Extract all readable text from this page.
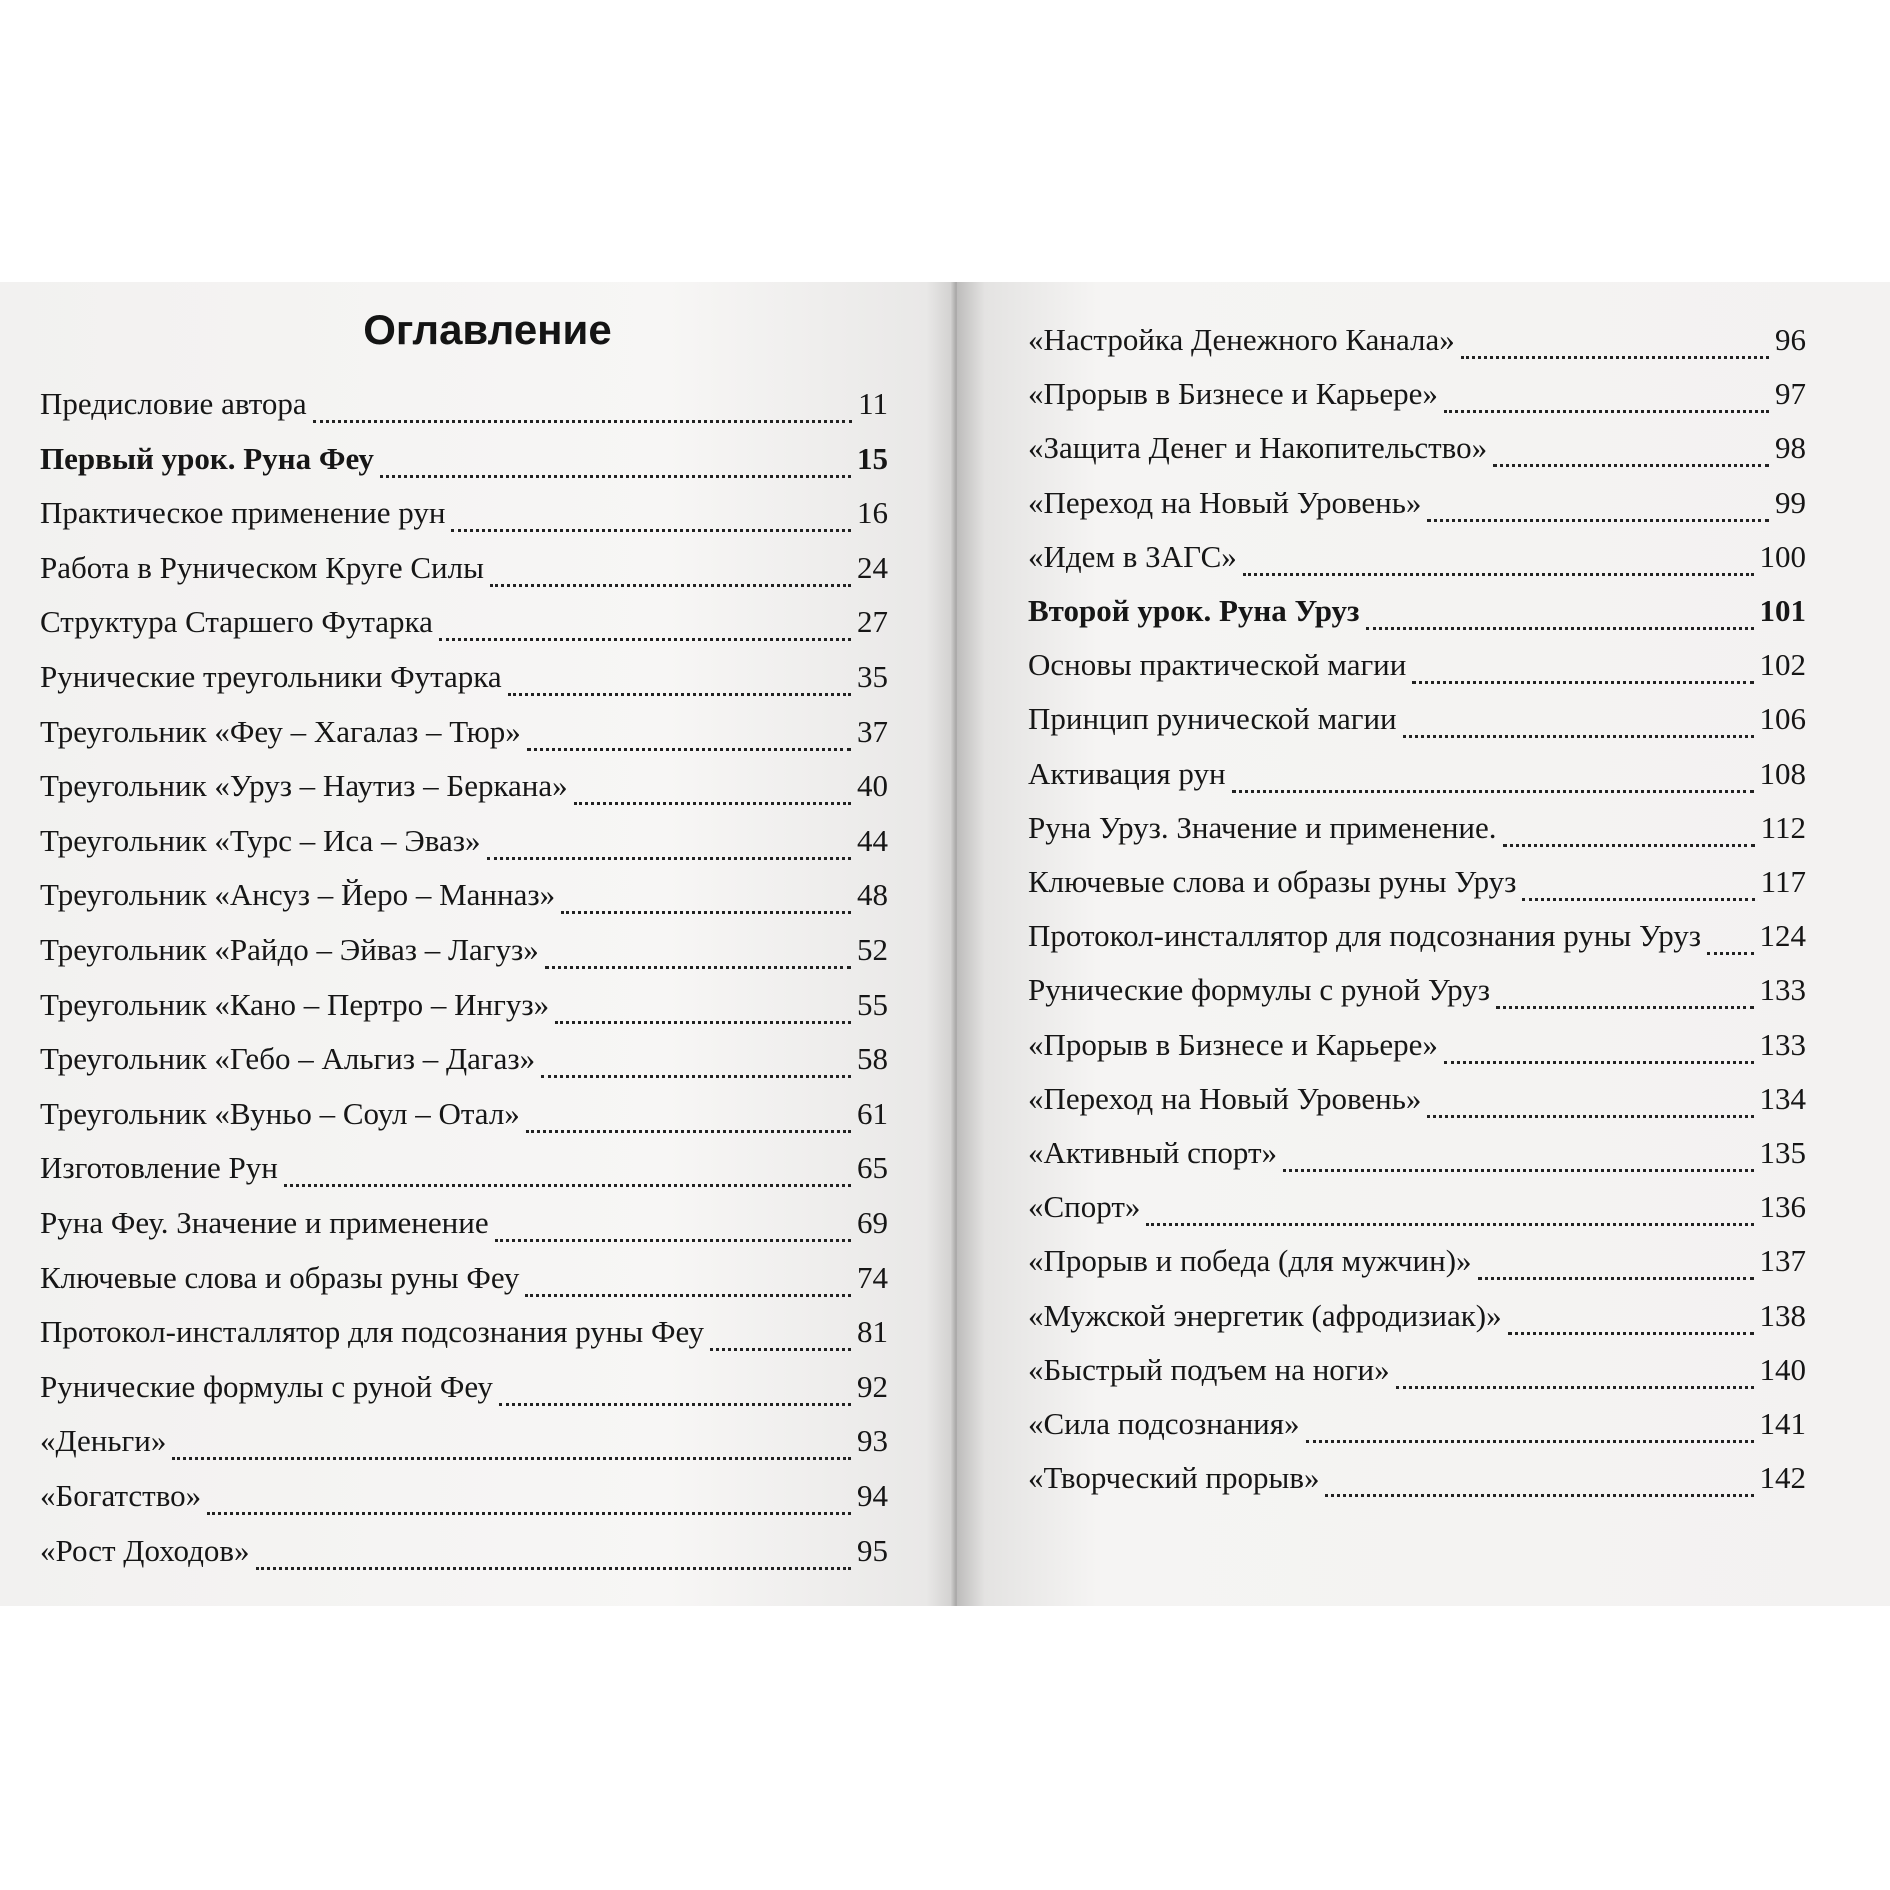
Оглавление
Предисловие автора	11
Первый урок. Руна Феу	15
Практическое применение рун	16
Работа в Руническом Круге Силы	24
Структура Старшего Футарка	27
Рунические треугольники Футарка	35
Треугольник «Феу – Хагалаз – Тюр»	37
Треугольник «Уруз – Наутиз – Беркана»	40
Треугольник «Турс – Иса – Эваз»	44
Треугольник «Ансуз – Йеро – Манназ»	48
Треугольник «Райдо – Эйваз – Лагуз»	52
Треугольник «Кано – Пертро – Ингуз»	55
Треугольник «Гебо – Альгиз – Дагаз»	58
Треугольник «Вуньо – Соул – Отал»	61
Изготовление Рун	65
Руна Феу. Значение и применение	69
Ключевые слова и образы руны Феу	74
Протокол-инсталлятор для подсознания руны Феу	81
Рунические формулы с руной Феу	92
«Деньги»	93
«Богатство»	94
«Рост Доходов»	95
«Настройка Денежного Канала»	96
«Прорыв в Бизнесе и Карьере»	97
«Защита Денег и Накопительство»	98
«Переход на Новый Уровень»	99
«Идем в ЗАГС»	100
Второй урок. Руна Уруз	101
Основы практической магии	102
Принцип рунической магии	106
Активация рун	108
Руна Уруз. Значение и применение.	112
Ключевые слова и образы руны Уруз	117
Протокол-инсталлятор для подсознания руны Уруз 124
Рунические формулы с руной Уруз	133
«Прорыв в Бизнесе и Карьере»	133
«Переход на Новый Уровень»	134
«Активный спорт»	135
«Спорт»	136
«Прорыв и победа (для мужчин)»	137
«Мужской энергетик (афродизиак)»	138
«Быстрый подъем на ноги»	140
«Сила подсознания»	141
«Творческий прорыв»	142
